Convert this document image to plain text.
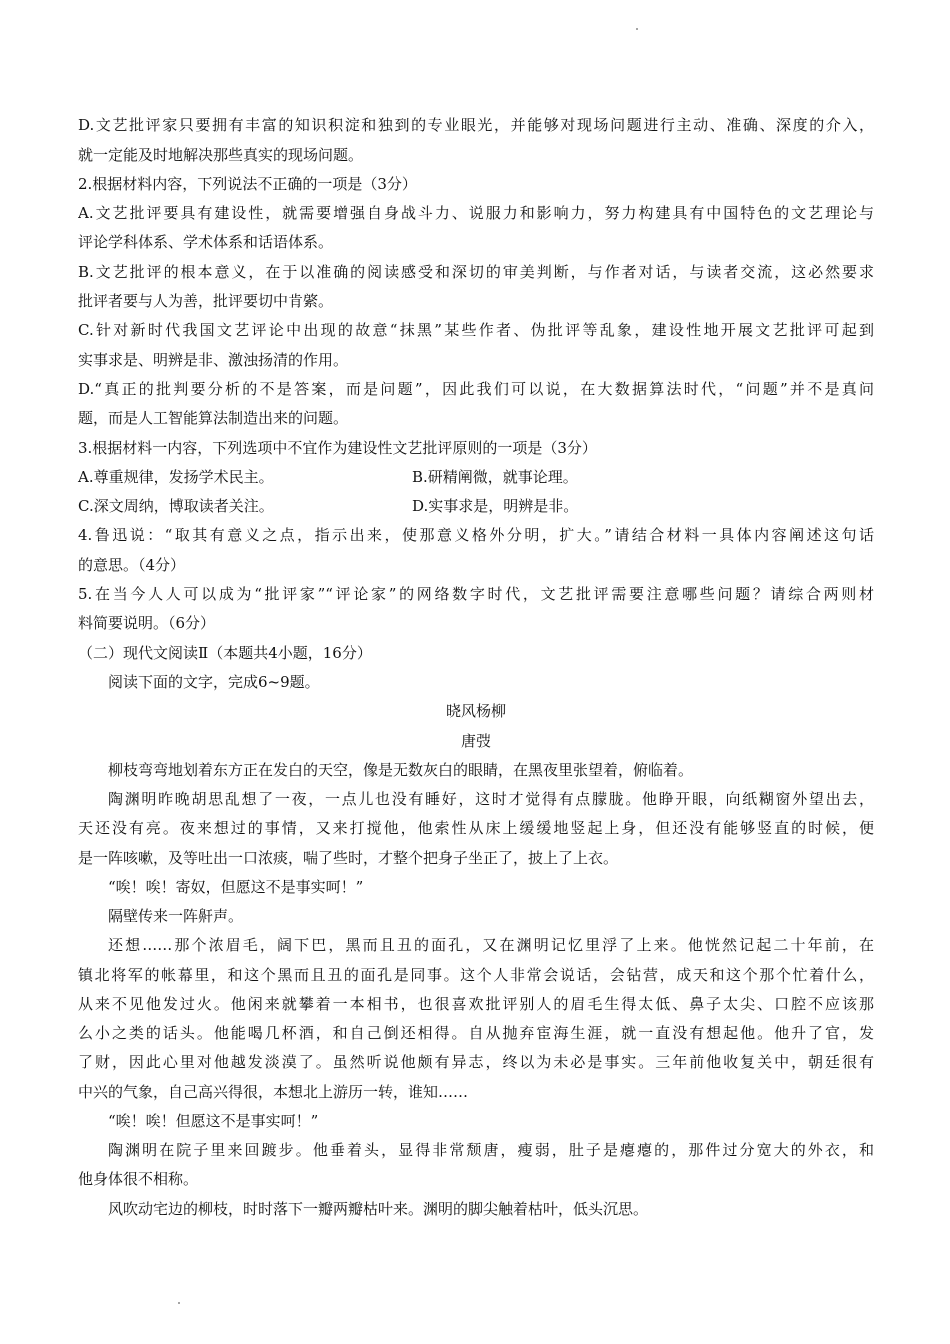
D.文艺批评家只要拥有丰富的知识积淀和独到的专业眼光，并能够对现场问题进行主动、准确、深度的介入，
就一定能及时地解决那些真实的现场问题。
2.根据材料内容，下列说法不正确的一项是（3分）
A.文艺批评要具有建设性，就需要增强自身战斗力、说服力和影响力，努力构建具有中国特色的文艺理论与
评论学科体系、学术体系和话语体系。
B.文艺批评的根本意义，在于以准确的阅读感受和深切的审美判断，与作者对话，与读者交流，这必然要求
批评者要与人为善，批评要切中肯綮。
C.针对新时代我国文艺评论中出现的故意“抹黑”某些作者、伪批评等乱象，建设性地开展文艺批评可起到
实事求是、明辨是非、激浊扬清的作用。
D.“真正的批判要分析的不是答案，而是问题”，因此我们可以说，在大数据算法时代，“问题”并不是真问
题，而是人工智能算法制造出来的问题。
3.根据材料一内容，下列选项中不宜作为建设性文艺批评原则的一项是（3分）
A.尊重规律，发扬学术民主。	B.研精阐微，就事论理。
C.深文周纳，博取读者关注。	D.实事求是，明辨是非。
4.鲁迅说：“取其有意义之点，指示出来，使那意义格外分明，扩大。”请结合材料一具体内容阐述这句话
的意思。（4分）
5.在当今人人可以成为“批评家”“评论家”的网络数字时代，文艺批评需要注意哪些问题？请综合两则材
料简要说明。（6分）
（二）现代文阅读Ⅱ（本题共4小题，16分）
阅读下面的文字，完成6~9题。
晓风杨柳
唐弢
柳枝弯弯地划着东方正在发白的天空，像是无数灰白的眼睛，在黑夜里张望着，俯临着。
陶渊明昨晚胡思乱想了一夜，一点儿也没有睡好，这时才觉得有点朦胧。他睁开眼，向纸糊窗外望出去，
天还没有亮。夜来想过的事情，又来打搅他，他索性从床上缓缓地竖起上身，但还没有能够竖直的时候，便
是一阵咳嗽，及等吐出一口浓痰，喘了些时，才整个把身子坐正了，披上了上衣。
“唉！唉！寄奴，但愿这不是事实呵！”
隔壁传来一阵鼾声。
还想……那个浓眉毛，阔下巴，黑而且丑的面孔，又在渊明记忆里浮了上来。他恍然记起二十年前，在
镇北将军的帐幕里，和这个黑而且丑的面孔是同事。这个人非常会说话，会钻营，成天和这个那个忙着什么，
从来不见他发过火。他闲来就攀着一本相书，也很喜欢批评别人的眉毛生得太低、鼻子太尖、口腔不应该那
么小之类的话头。他能喝几杯酒，和自己倒还相得。自从抛弃宦海生涯，就一直没有想起他。他升了官，发
了财，因此心里对他越发淡漠了。虽然听说他颇有异志，终以为未必是事实。三年前他收复关中，朝廷很有
中兴的气象，自己高兴得很，本想北上游历一转，谁知……
“唉！唉！但愿这不是事实呵！”
陶渊明在院子里来回踱步。他垂着头，显得非常颓唐，瘦弱，肚子是瘪瘪的，那件过分宽大的外衣，和
他身体很不相称。
风吹动宅边的柳枝，时时落下一瓣两瓣枯叶来。渊明的脚尖触着枯叶，低头沉思。
